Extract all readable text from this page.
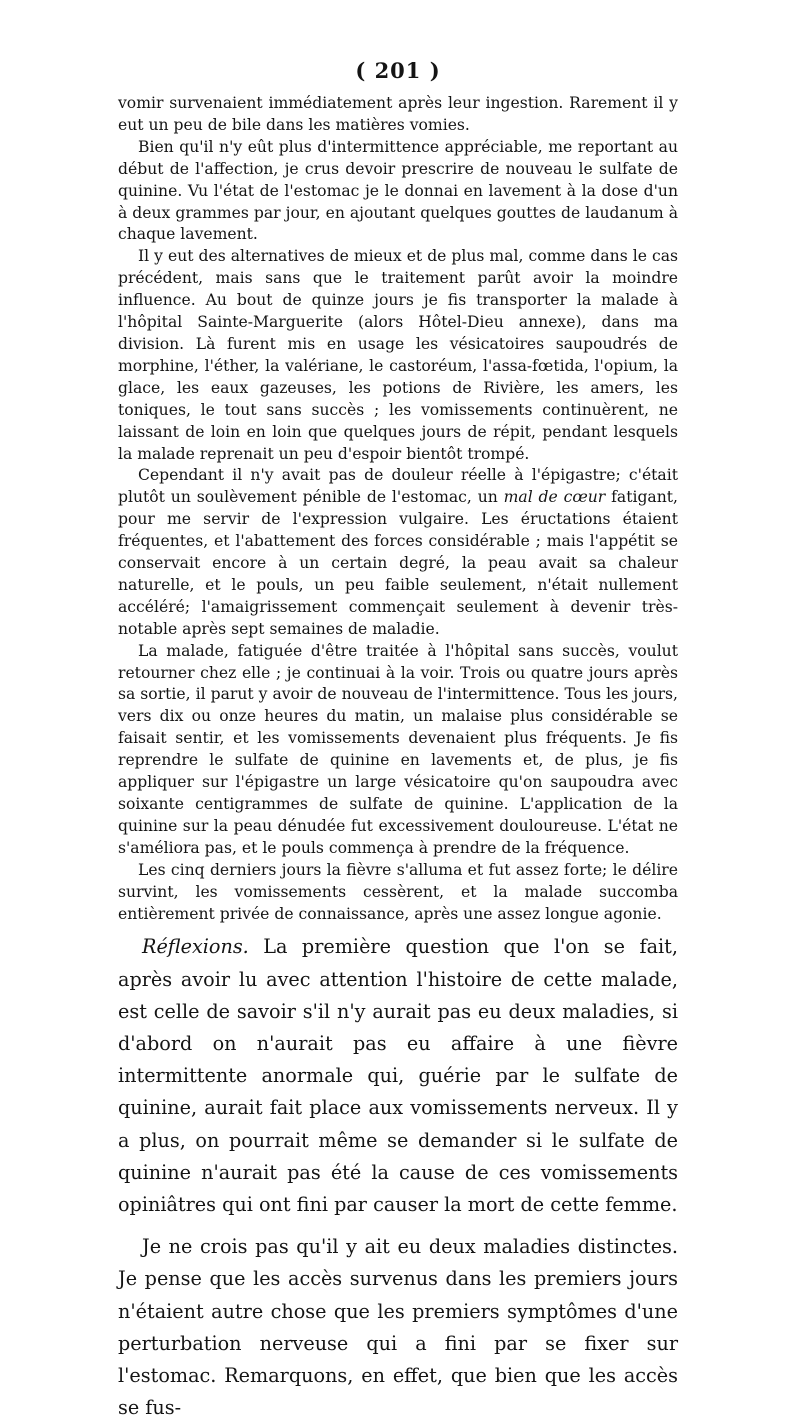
( 201 )

vomir survenaient immédiatement après leur ingestion. Rarement il y eut un peu de bile dans les matières vomies.

Bien qu'il n'y eût plus d'intermittence appréciable, me reportant au début de l'affection, je crus devoir prescrire de nouveau le sulfate de quinine. Vu l'état de l'estomac je le donnai en lavement à la dose d'un à deux grammes par jour, en ajoutant quelques gouttes de laudanum à chaque lavement.

Il y eut des alternatives de mieux et de plus mal, comme dans le cas précédent, mais sans que le traitement parût avoir la moindre influence. Au bout de quinze jours je fis transporter la malade à l'hôpital Sainte-Marguerite (alors Hôtel-Dieu annexe), dans ma division. Là furent mis en usage les vésicatoires saupoudrés de morphine, l'éther, la valériane, le castoréum, l'assa-fœtida, l'opium, la glace, les eaux gazeuses, les potions de Rivière, les amers, les toniques, le tout sans succès ; les vomissements continuèrent, ne laissant de loin en loin que quelques jours de répit, pendant lesquels la malade reprenait un peu d'espoir bientôt trompé.

Cependant il n'y avait pas de douleur réelle à l'épigastre; c'était plutôt un soulèvement pénible de l'estomac, un mal de cœur fatigant, pour me servir de l'expression vulgaire. Les éructations étaient fréquentes, et l'abattement des forces considérable ; mais l'appétit se conservait encore à un certain degré, la peau avait sa chaleur naturelle, et le pouls, un peu faible seulement, n'était nullement accéléré; l'amaigrissement commençait seulement à devenir très-notable après sept semaines de maladie.

La malade, fatiguée d'être traitée à l'hôpital sans succès, voulut retourner chez elle ; je continuai à la voir. Trois ou quatre jours après sa sortie, il parut y avoir de nouveau de l'intermittence. Tous les jours, vers dix ou onze heures du matin, un malaise plus considérable se faisait sentir, et les vomissements devenaient plus fréquents. Je fis reprendre le sulfate de quinine en lavements et, de plus, je fis appliquer sur l'épigastre un large vésicatoire qu'on saupoudra avec soixante centigrammes de sulfate de quinine. L'application de la quinine sur la peau dénudée fut excessivement douloureuse. L'état ne s'améliora pas, et le pouls commença à prendre de la fréquence.

Les cinq derniers jours la fièvre s'alluma et fut assez forte; le délire survint, les vomissements cessèrent, et la malade succomba entièrement privée de connaissance, après une assez longue agonie.

Réflexions. La première question que l'on se fait, après avoir lu avec attention l'histoire de cette malade, est celle de savoir s'il n'y aurait pas eu deux maladies, si d'abord on n'aurait pas eu affaire à une fièvre intermittente anormale qui, guérie par le sulfate de quinine, aurait fait place aux vomissements nerveux. Il y a plus, on pourrait même se demander si le sulfate de quinine n'aurait pas été la cause de ces vomissements opiniâtres qui ont fini par causer la mort de cette femme.

Je ne crois pas qu'il y ait eu deux maladies distinctes. Je pense que les accès survenus dans les premiers jours n'étaient autre chose que les premiers symptômes d'une perturbation nerveuse qui a fini par se fixer sur l'estomac. Remarquons, en effet, que bien que les accès se fus-
